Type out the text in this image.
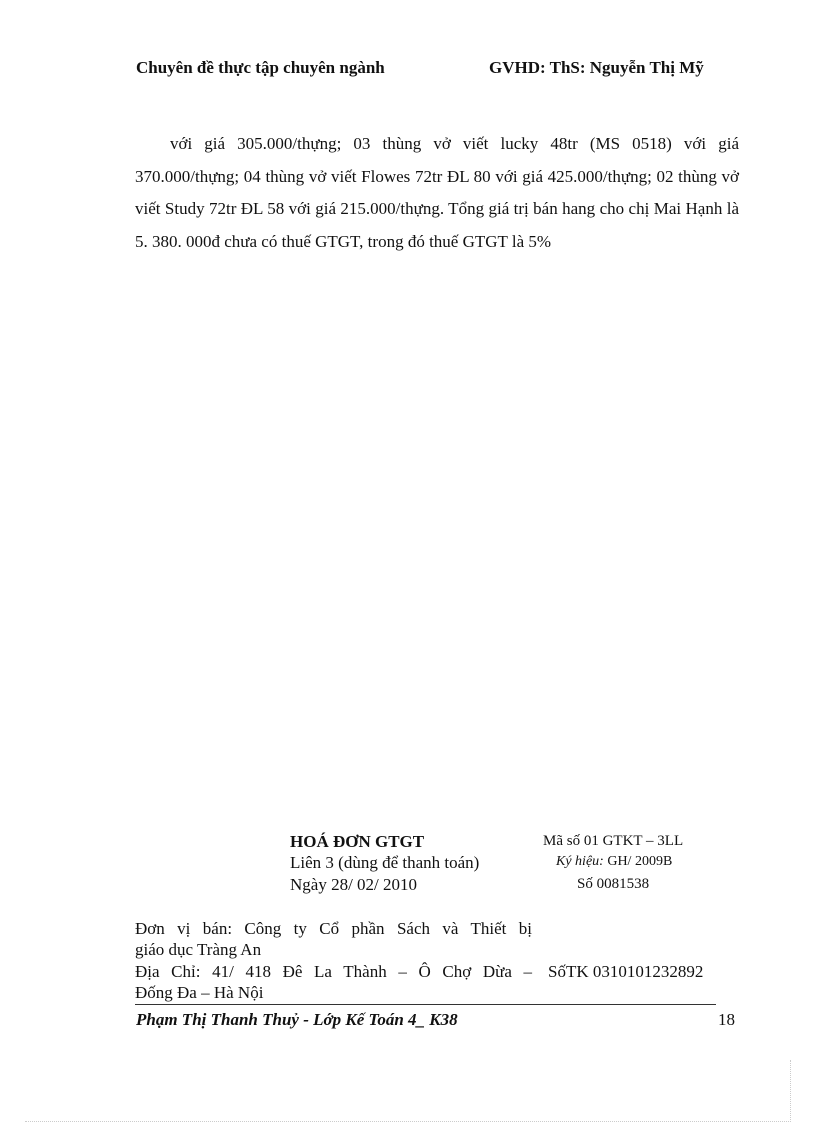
Chuyên đề thực tập chuyên ngành	GVHD: ThS: Nguyễn Thị Mỹ

với giá 305.000/thựng; 03 thùng vở viết lucky 48tr (MS 0518) với giá 370.000/thựng; 04 thùng vở viết Flowes 72tr ĐL 80 với giá 425.000/thựng; 02 thùng vở viết Study 72tr ĐL 58 với giá 215.000/thựng. Tổng giá trị bán hang cho chị Mai Hạnh là 5. 380. 000đ chưa có thuế GTGT, trong đó thuế GTGT là 5%

HOÁ ĐƠN GTGT
Liên 3 (dùng để thanh toán)
Ngày 28/ 02/ 2010
Mã số 01 GTKT – 3LL
Ký hiệu: GH/ 2009B
Số 0081538
Đơn vị bán: Công ty Cổ phần Sách và Thiết bị
giáo dục Tràng An
Địa Chỉ: 41/ 418 Đê La Thành – Ô Chợ Dừa –
Đống Đa – Hà Nội
SốTK 0310101232892
Phạm Thị Thanh Thuỷ - Lớp Kế Toán 4_ K38	18
